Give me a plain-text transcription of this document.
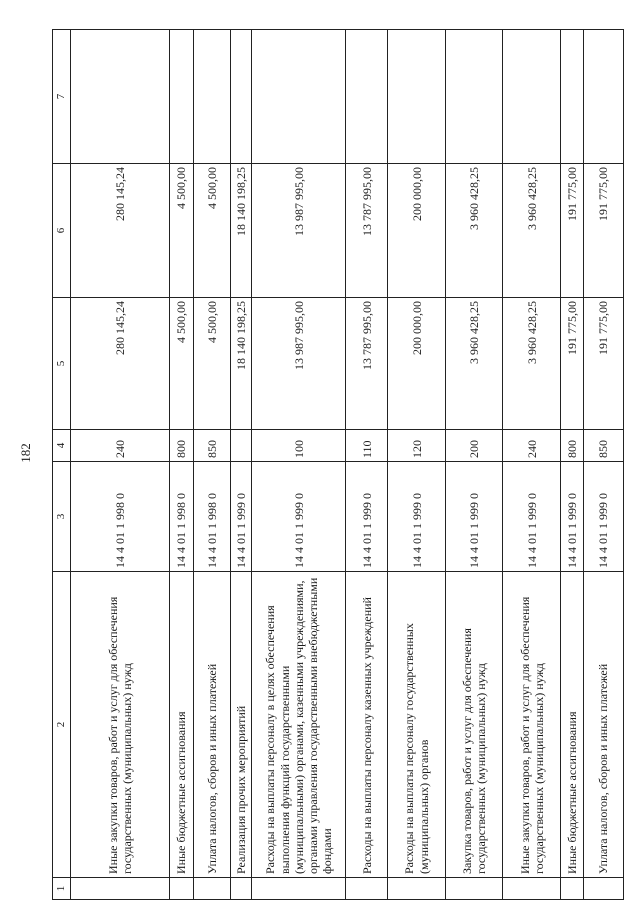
182
1	2	3	4	5	6	7
	Иные закупки товаров, работ и услуг для обеспечения государственных (муниципальных) нужд	14 4 01 1 998 0	240	280 145,24	280 145,24	
	Иные бюджетные ассигнования	14 4 01 1 998 0	800	4 500,00	4 500,00	
	Уплата налогов, сборов и иных платежей	14 4 01 1 998 0	850	4 500,00	4 500,00	
	Реализация прочих мероприятий	14 4 01 1 999 0		18 140 198,25	18 140 198,25	
	Расходы на выплаты персоналу в целях обеспечения выполнения функций государственными (муниципальными) органами, казенными учреждениями, органами управления государственными внебюджетными фондами	14 4 01 1 999 0	100	13 987 995,00	13 987 995,00	
	Расходы на выплаты персоналу казенных учреждений	14 4 01 1 999 0	110	13 787 995,00	13 787 995,00	
	Расходы на выплаты персоналу государственных (муниципальных) органов	14 4 01 1 999 0	120	200 000,00	200 000,00	
	Закупка товаров, работ и услуг для обеспечения государственных (муниципальных) нужд	14 4 01 1 999 0	200	3 960 428,25	3 960 428,25	
	Иные закупки товаров, работ и услуг для обеспечения государственных (муниципальных) нужд	14 4 01 1 999 0	240	3 960 428,25	3 960 428,25	
	Иные бюджетные ассигнования	14 4 01 1 999 0	800	191 775,00	191 775,00	
	Уплата налогов, сборов и иных платежей	14 4 01 1 999 0	850	191 775,00	191 775,00	
